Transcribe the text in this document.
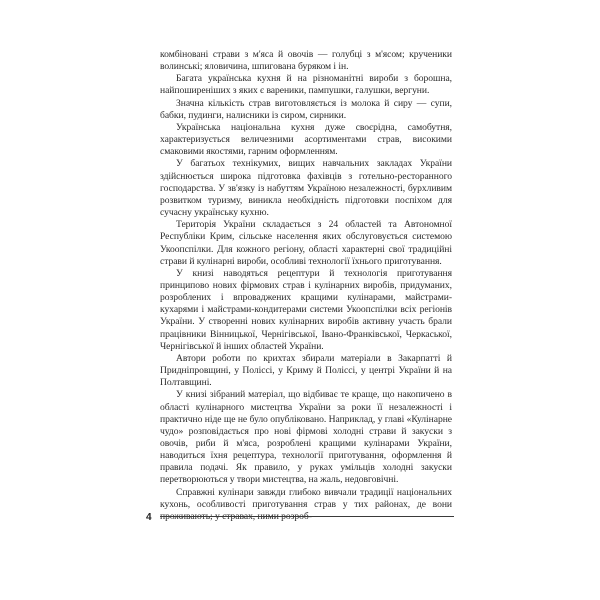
комбіновані страви з м'яса й овочів — голубці з м'ясом; крученики волинські; яловичина, шпигована буряком і ін.

Багата українська кухня й на різноманітні вироби з борошна, найпоширеніших з яких є вареники, пампушки, галушки, вергуни.

Значна кількість страв виготовляється із молока й сиру — супи, бабки, пудинги, налисники із сиром, сирники.

Українська національна кухня дуже своєрідна, самобутня, характеризується величезними асортиментами страв, високими смаковими якостями, гарним оформленням.

У багатьох технікумих, вищих навчальних закладах України здійснюється широка підготовка фахівців з готельно-ресторанного господарства. У зв'язку із набуттям Україною незалежності, бурхливим розвитком туризму, виникла необхідність підготовки поспіхом для сучасну українську кухню.

Територія України складається з 24 областей та Автономної Республіки Крим, сільське населення яких обслуговується системою Укоопспілки. Для кожного регіону, області характерні свої традиційні страви й кулінарні вироби, особливі технології їхнього приготування.

У книзі наводяться рецептури й технологія приготування принципово нових фірмових страв і кулінарних виробів, придуманих, розроблених і впроваджених кращими кулінарами, майстрами-кухарями і майстрами-кондитерами системи Укоопспілки всіх регіонів України. У створенні нових кулінарних виробів активну участь брали працівники Вінницької, Чернігівської, Івано-Франківської, Черкаської, Чернігівської й інших областей України.

Автори роботи по крихтах збирали матеріали в Закарпатті й Придніпровщині, у Поліссі, у Криму й Поліссі, у центрі України й на Полтавщині.

У книзі зібраний матеріал, що відбиває те краще, що накопичено в області кулінарного мистецтва України за роки її незалежності і практично ніде ще не було опубліковано. Наприклад, у главі «Кулінарне чудо» розповідається про нові фірмові холодні страви й закуски з овочів, риби й м'яса, розроблені кращими кулінарами України, наводиться їхня рецептура, технології приготування, оформлення й правила подачі. Як правило, у руках умільців холодні закуски перетворюються у твори мистецтва, на жаль, недовговічні.

Справжні кулінари завжди глибоко вивчали традиції національних кухонь, особливості приготування страв у тих районах, де вони проживають; у стравах, ними розроб-

4
